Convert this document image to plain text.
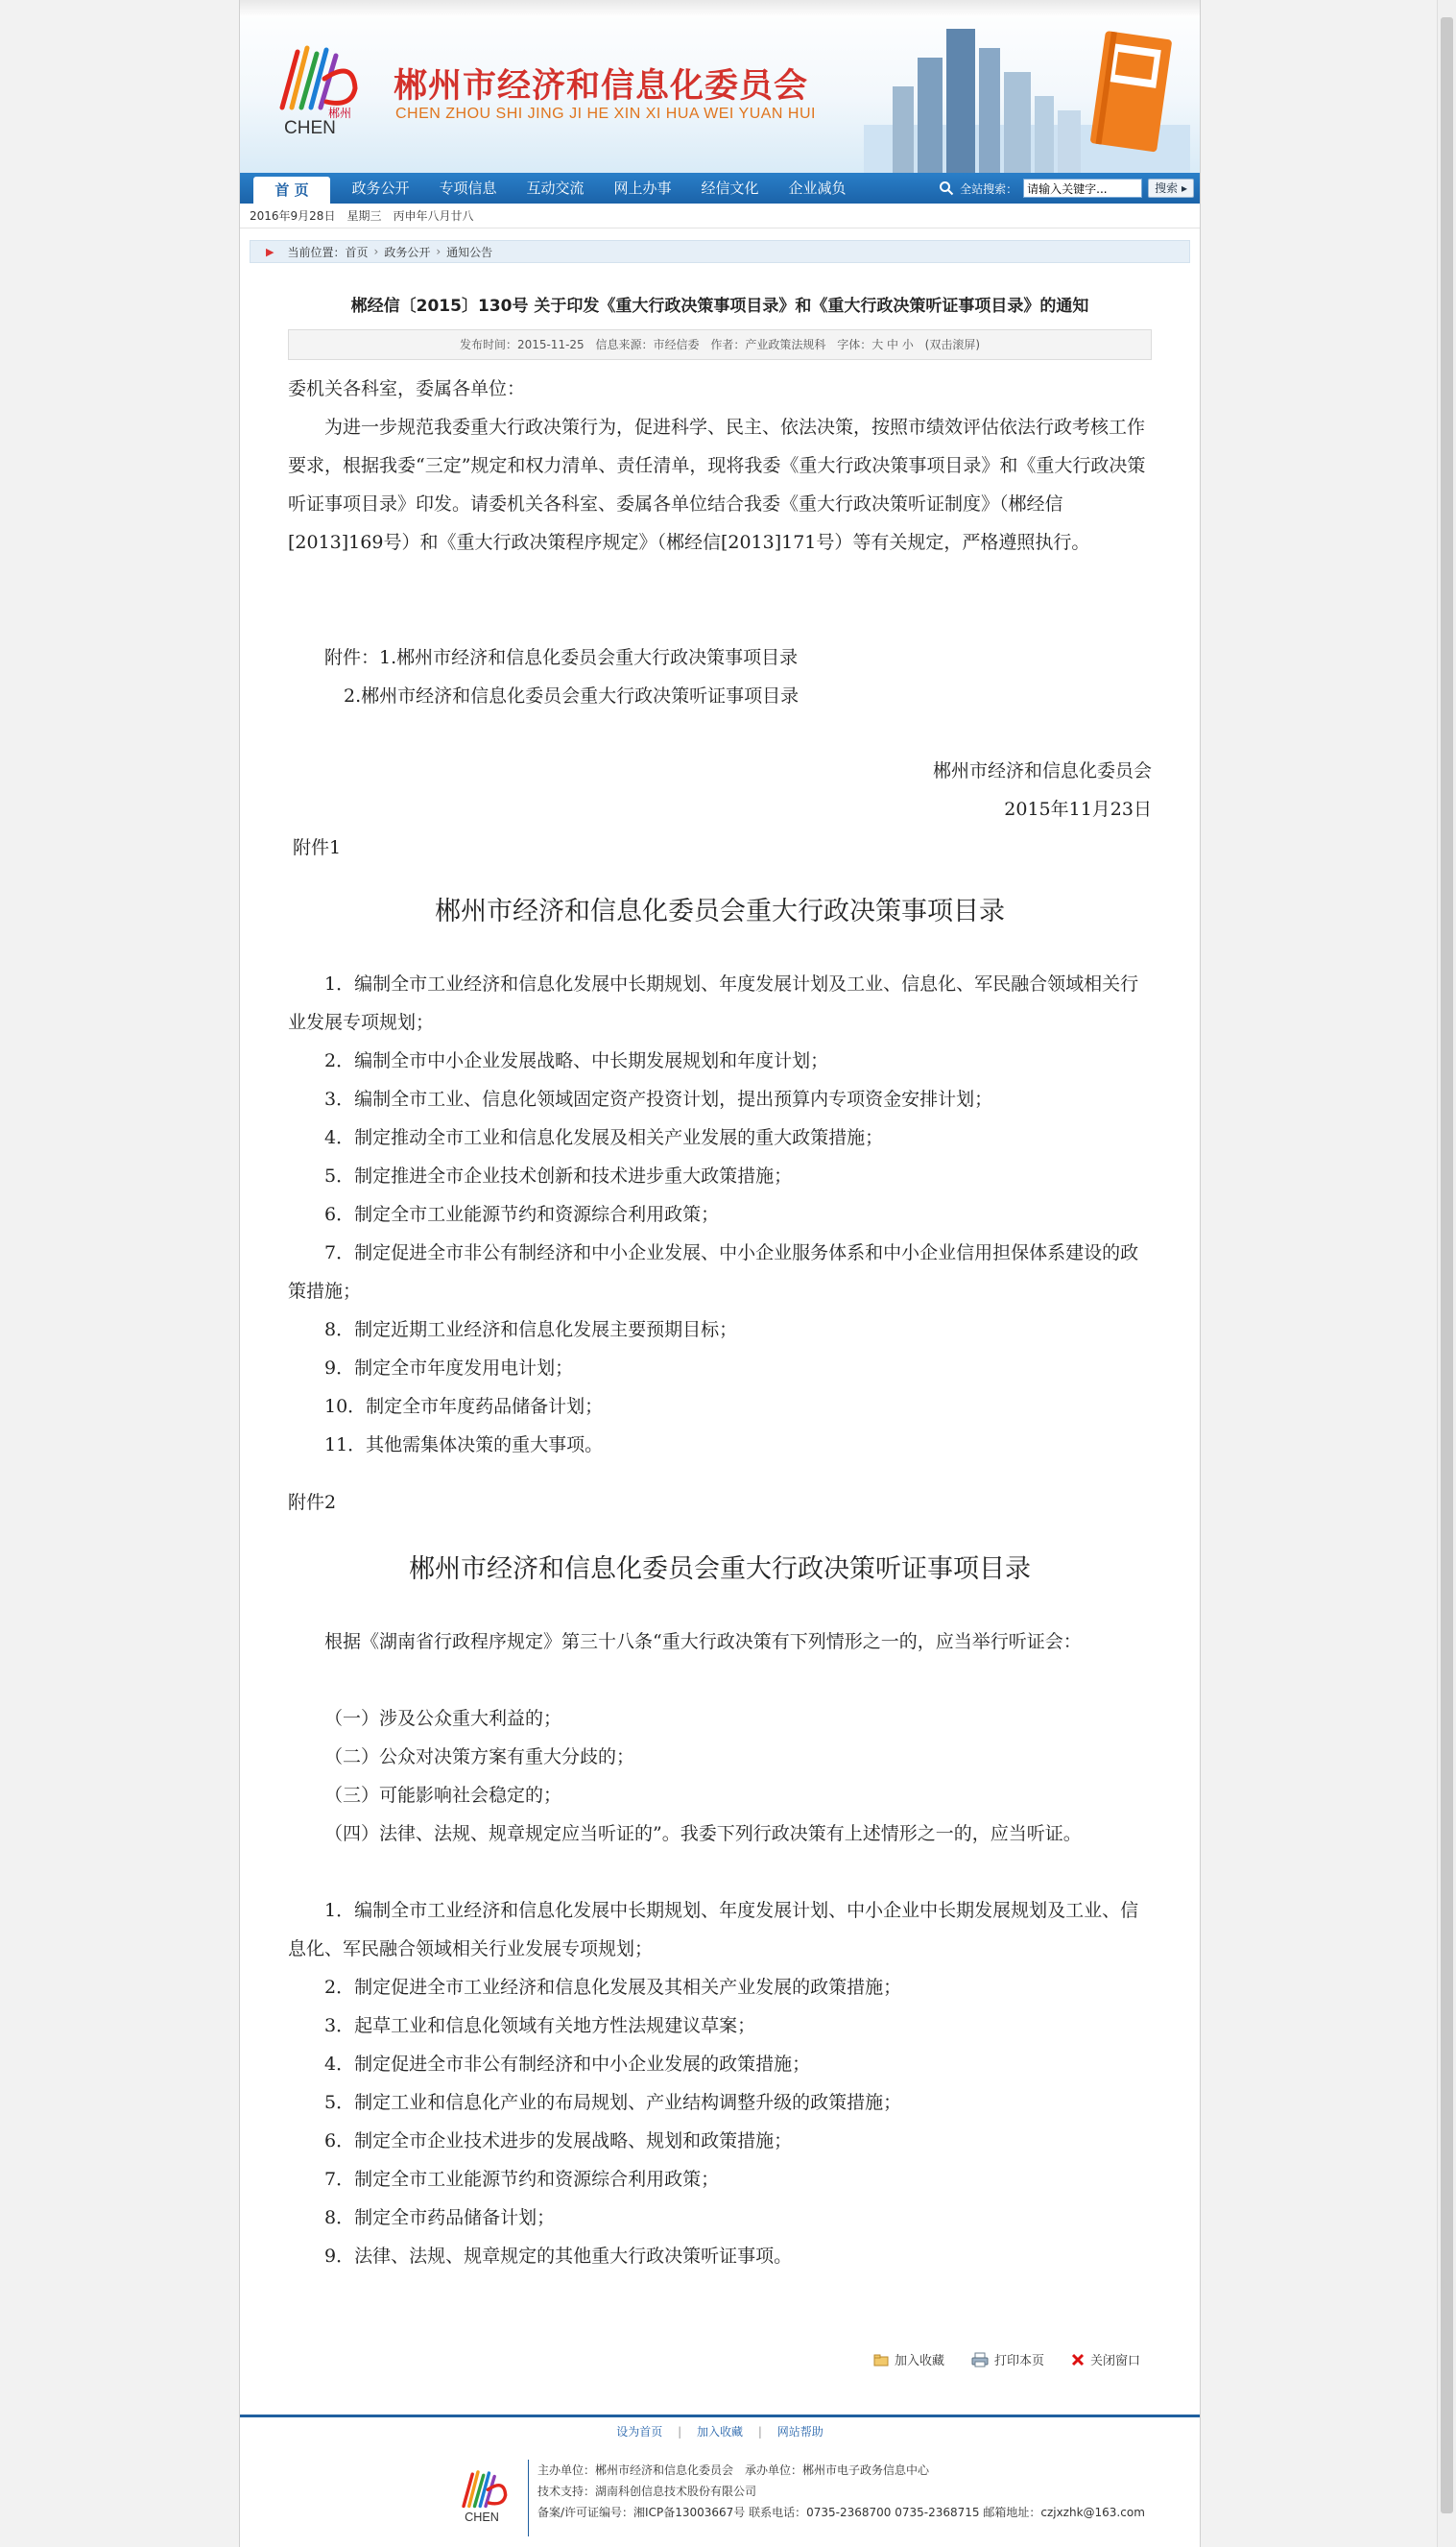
郴州
CHEN
郴州市经济和信息化委员会
CHEN ZHOU SHI JING JI HE XIN XI HUA WEI YUAN HUI
首 页	政务公开	专项信息	互动交流	网上办事	经信文化	企业减负	全站搜索：
请输入关键字...	搜索 ▸
2016年9月28日　星期三　丙申年八月廿八
▶ 当前位置： 首页 › 政务公开 › 通知公告
郴经信〔2015〕130号 关于印发《重大行政决策事项目录》和《重大行政决策听证事项目录》的通知
发布时间：2015-11-25 信息来源：市经信委 作者：产业政策法规科 字体：大 中 小 (双击滚屏)
委机关各科室，委属各单位：
为进一步规范我委重大行政决策行为，促进科学、民主、依法决策，按照市绩效评估依法行政考核工作要求，根据我委“三定”规定和权力清单、责任清单，现将我委《重大行政决策事项目录》和《重大行政决策听证事项目录》印发。请委机关各科室、委属各单位结合我委《重大行政决策听证制度》（郴经信[2013]169号）和《重大行政决策程序规定》（郴经信[2013]171号）等有关规定，严格遵照执行。
附件：1.郴州市经济和信息化委员会重大行政决策事项目录
2.郴州市经济和信息化委员会重大行政决策听证事项目录
郴州市经济和信息化委员会
2015年11月23日
附件1
郴州市经济和信息化委员会重大行政决策事项目录
1．编制全市工业经济和信息化发展中长期规划、年度发展计划及工业、信息化、军民融合领域相关行业发展专项规划；
2．编制全市中小企业发展战略、中长期发展规划和年度计划；
3．编制全市工业、信息化领域固定资产投资计划，提出预算内专项资金安排计划；
4．制定推动全市工业和信息化发展及相关产业发展的重大政策措施；
5．制定推进全市企业技术创新和技术进步重大政策措施；
6．制定全市工业能源节约和资源综合利用政策；
7．制定促进全市非公有制经济和中小企业发展、中小企业服务体系和中小企业信用担保体系建设的政策措施；
8．制定近期工业经济和信息化发展主要预期目标；
9．制定全市年度发用电计划；
10．制定全市年度药品储备计划；
11．其他需集体决策的重大事项。
附件2
郴州市经济和信息化委员会重大行政决策听证事项目录
根据《湖南省行政程序规定》第三十八条“重大行政决策有下列情形之一的，应当举行听证会：
（一）涉及公众重大利益的；
（二）公众对决策方案有重大分歧的；
（三）可能影响社会稳定的；
（四）法律、法规、规章规定应当听证的”。我委下列行政决策有上述情形之一的，应当听证。
1．编制全市工业经济和信息化发展中长期规划、年度发展计划、中小企业中长期发展规划及工业、信息化、军民融合领域相关行业发展专项规划；
2．制定促进全市工业经济和信息化发展及其相关产业发展的政策措施；
3．起草工业和信息化领域有关地方性法规建议草案；
4．制定促进全市非公有制经济和中小企业发展的政策措施；
5．制定工业和信息化产业的布局规划、产业结构调整升级的政策措施；
6．制定全市企业技术进步的发展战略、规划和政策措施；
7．制定全市工业能源节约和资源综合利用政策；
8．制定全市药品储备计划；
9．法律、法规、规章规定的其他重大行政决策听证事项。
加入收藏	打印本页	关闭窗口
设为首页 | 加入收藏 | 网站帮助
CHEN
主办单位：郴州市经济和信息化委员会　承办单位：郴州市电子政务信息中心
技术支持：湖南科创信息技术股份有限公司
备案/许可证编号：湘ICP备13003667号 联系电话：0735-2368700 0735-2368715 邮箱地址：czjxzhk@163.com
